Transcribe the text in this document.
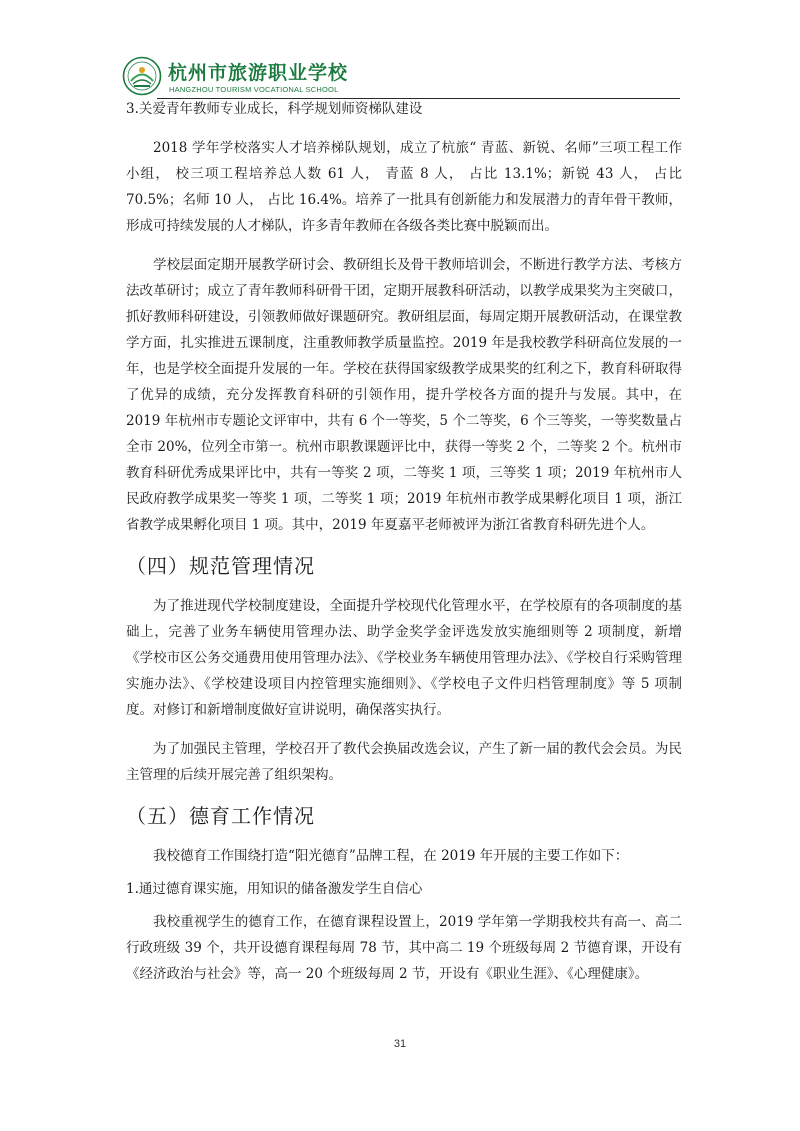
杭州市旅游职业学校
HANGZHOU TOURISM VOCATIONAL SCHOOL

3.关爱青年教师专业成长，科学规划师资梯队建设

2018 学年学校落实人才培养梯队规划，成立了杭旅“ 青蓝、新锐、名师”三项工程工作小组， 校三项工程培养总人数 61 人， 青蓝 8 人， 占比 13.1%；新锐 43 人， 占比 70.5%；名师 10 人， 占比 16.4%。培养了一批具有创新能力和发展潜力的青年骨干教师，形成可持续发展的人才梯队，许多青年教师在各级各类比赛中脱颖而出。

学校层面定期开展教学研讨会、教研组长及骨干教师培训会，不断进行教学方法、考核方法改革研讨；成立了青年教师科研骨干团，定期开展教科研活动，以教学成果奖为主突破口，抓好教师科研建设，引领教师做好课题研究。教研组层面，每周定期开展教研活动，在课堂教学方面，扎实推进五课制度，注重教师教学质量监控。2019 年是我校教学科研高位发展的一年，也是学校全面提升发展的一年。学校在获得国家级教学成果奖的红利之下，教育科研取得了优异的成绩，充分发挥教育科研的引领作用，提升学校各方面的提升与发展。其中，在 2019 年杭州市专题论文评审中，共有 6 个一等奖，5 个二等奖，6 个三等奖，一等奖数量占全市 20%，位列全市第一。杭州市职教课题评比中，获得一等奖 2 个，二等奖 2 个。杭州市教育科研优秀成果评比中，共有一等奖 2 项，二等奖 1 项，三等奖 1 项；2019 年杭州市人民政府教学成果奖一等奖 1 项，二等奖 1 项；2019 年杭州市教学成果孵化项目 1 项，浙江省教学成果孵化项目 1 项。其中，2019 年夏嘉平老师被评为浙江省教育科研先进个人。

（四）规范管理情况

为了推进现代学校制度建设，全面提升学校现代化管理水平，在学校原有的各项制度的基础上，完善了业务车辆使用管理办法、助学金奖学金评选发放实施细则等 2 项制度，新增《学校市区公务交通费用使用管理办法》、《学校业务车辆使用管理办法》、《学校自行采购管理实施办法》、《学校建设项目内控管理实施细则》、《学校电子文件归档管理制度》等 5 项制度。对修订和新增制度做好宣讲说明，确保落实执行。

为了加强民主管理，学校召开了教代会换届改选会议，产生了新一届的教代会会员。为民主管理的后续开展完善了组织架构。

（五）德育工作情况

我校德育工作围绕打造“阳光德育”品牌工程，在 2019 年开展的主要工作如下：

1.通过德育课实施，用知识的储备激发学生自信心

我校重视学生的德育工作，在德育课程设置上，2019 学年第一学期我校共有高一、高二行政班级 39 个，共开设德育课程每周 78 节，其中高二 19 个班级每周 2 节德育课，开设有《经济政治与社会》等，高一 20 个班级每周 2 节，开设有《职业生涯》、《心理健康》。

31
